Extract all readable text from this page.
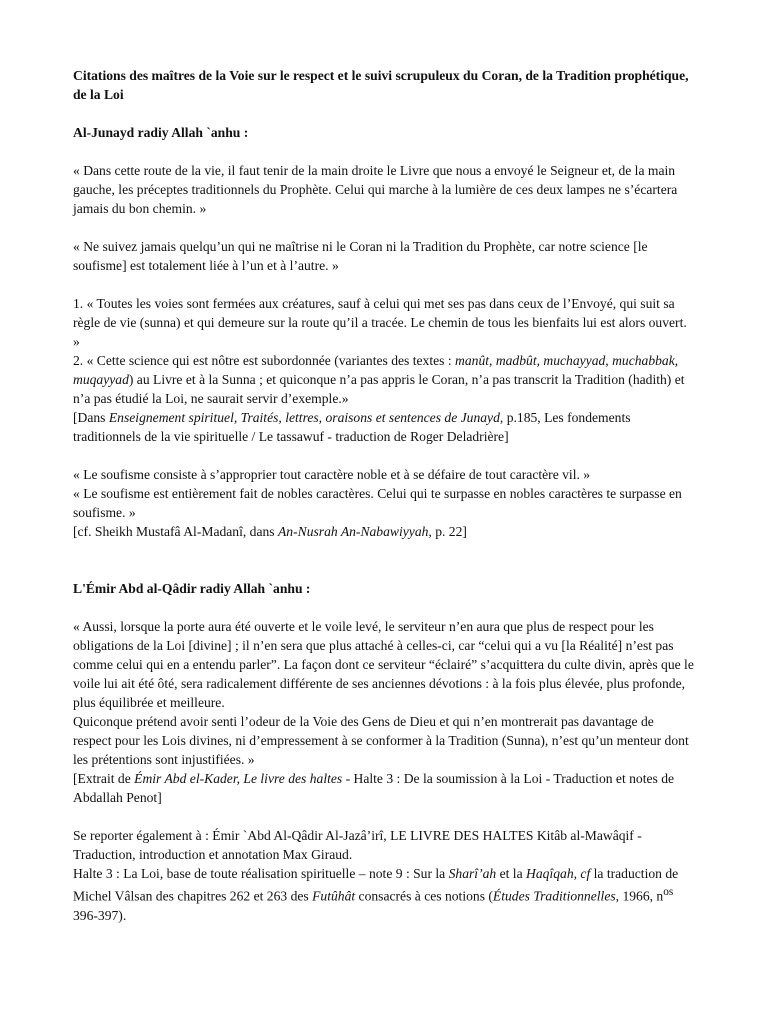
Citations des maîtres de la Voie sur le respect et le suivi scrupuleux du Coran, de la Tradition prophétique, de la Loi
Al-Junayd radiy Allah `anhu :

« Dans cette route de la vie, il faut tenir de la main droite le Livre que nous a envoyé le Seigneur et, de la main gauche, les préceptes traditionnels du Prophète. Celui qui marche à la lumière de ces deux lampes ne s’écartera jamais du bon chemin. »

« Ne suivez jamais quelqu’un qui ne maîtrise ni le Coran ni la Tradition du Prophète, car notre science [le soufisme] est totalement liée à l’un et à l’autre. »

1. « Toutes les voies sont fermées aux créatures, sauf à celui qui met ses pas dans ceux de l’Envoyé, qui suit sa règle de vie (sunna) et qui demeure sur la route qu’il a tracée. Le chemin de tous les bienfaits lui est alors ouvert. »

2. « Cette science qui est nôtre est subordonnée (variantes des textes : manût, madbût, muchayyad, muchabbak, muqayyad) au Livre et à la Sunna ; et quiconque n’a pas appris le Coran, n’a pas transcrit la Tradition (hadith) et n’a pas étudié la Loi, ne saurait servir d’exemple.»

[Dans Enseignement spirituel, Traités, lettres, oraisons et sentences de Junayd, p.185, Les fondements traditionnels de la vie spirituelle / Le tassawuf - traduction de Roger Deladrière]

« Le soufisme consiste à s’approprier tout caractère noble et à se défaire de tout caractère vil. »

« Le soufisme est entièrement fait de nobles caractères. Celui qui te surpasse en nobles caractères te surpasse en soufisme. »

[cf. Sheikh Mustafâ Al-Madanî, dans An-Nusrah An-Nabawiyyah, p. 22]

L'Émir Abd al-Qâdir radiy Allah `anhu :

« Aussi, lorsque la porte aura été ouverte et le voile levé, le serviteur n’en aura que plus de respect pour les obligations de la Loi [divine] ; il n’en sera que plus attaché à celles-ci, car “celui qui a vu [la Réalité] n’est pas comme celui qui en a entendu parler”. La façon dont ce serviteur “éclairé” s’acquittera du culte divin, après que le voile lui ait été ôté, sera radicalement différente de ses anciennes dévotions : à la fois plus élevée, plus profonde, plus équilibrée et meilleure.

Quiconque prétend avoir senti l’odeur de la Voie des Gens de Dieu et qui n’en montrerait pas davantage de respect pour les Lois divines, ni d’empressement à se conformer à la Tradition (Sunna), n’est qu’un menteur dont les prétentions sont injustifiées. »

[Extrait de Émir Abd el-Kader, Le livre des haltes - Halte 3 : De la soumission à la Loi - Traduction et notes de Abdallah Penot]

Se reporter également à : Émir `Abd Al-Qâdir Al-Jazâ’irî, LE LIVRE DES HALTES Kitâb al-Mawâqif - Traduction, introduction et annotation Max Giraud.

Halte 3 : La Loi, base de toute réalisation spirituelle – note 9 : Sur la Sharî’ah et la Haqîqah, cf la traduction de Michel Vâlsan des chapitres 262 et 263 des Futûhât consacrés à ces notions (Études Traditionnelles, 1966, $n^{os}$ 396-397).
